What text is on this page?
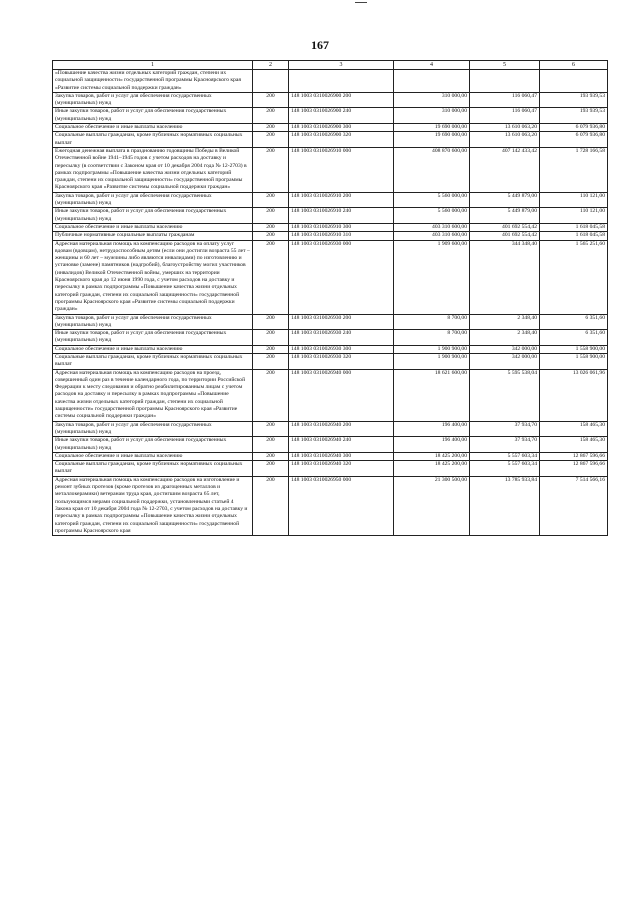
167
1	2	3	4	5	6
«Повышение качества жизни отдельных категорий граждан, степени их социальной защищенности» государственной программы Красноярского края «Развитие системы социальной поддержки граждан»					
Закупка товаров, работ и услуг для обеспечения государственных (муниципальных) нужд	200	148 1003 0310026900 200	310 000,00	116 060,47	193 939,53
Иные закупки товаров, работ и услуг для обеспечения государственных (муниципальных) нужд	200	148 1003 0310026900 240	310 000,00	116 060,47	193 939,53
Социальное обеспечение и иные выплаты населению	200	148 1003 0310026900 300	19 690 000,00	13 610 063,20	6 079 936,80
Социальные выплаты гражданам, кроме публичных нормативных социальных выплат	200	148 1003 0310026900 320	19 690 000,00	13 610 063,20	6 079 936,80
Ежегодная денежная выплата в празднованию годовщины Победы в Великой Отечественной войне 1941–1945 годов с учетом расходов на доставку и пересылку (в соответствии с Законом края от 10 декабря 2004 года № 12-2703) в рамках подпрограммы «Повышение качества жизни отдельных категорий граждан, степени их социальной защищенности» государственной программы Красноярского края «Развитие системы социальной поддержки граждан»	200	148 1003 0310026910 000	408 870 600,00	407 142 433,42	1 728 166,58
Закупка товаров, работ и услуг для обеспечения государственных (муниципальных) нужд	200	148 1003 0310026910 200	5 560 000,00	5 449 879,00	110 121,00
Иные закупки товаров, работ и услуг для обеспечения государственных (муниципальных) нужд	200	148 1003 0310026910 240	5 560 000,00	5 449 879,00	110 121,00
Социальное обеспечение и иные выплаты населению	200	148 1003 0310026910 300	403 310 600,00	401 692 554,42	1 618 045,58
Публичные нормативные социальные выплаты гражданам	200	148 1003 0310026910 310	403 310 600,00	401 692 554,42	1 618 045,58
Адресная материальная помощь на компенсацию расходов на оплату услуг вдовам (вдовцам), нетрудоспособным детям (если они достигли возраста 55 лет – женщины и 60 лет – мужчины либо являются инвалидами) по изготовлению и установке (замене) памятников (надгробий), благоустройству могил участников (инвалидов) Великой Отечественной войны, умерших на территории Красноярского края до 12 июня 1990 года, с учетом расходов на доставку и пересылку в рамках подпрограммы «Повышение качества жизни отдельных категорий граждан, степени их социальной защищенности» государственной программы Красноярского края «Развитие системы социальной поддержки граждан»	200	148 1003 0310026930 000	1 909 600,00	344 348,40	1 565 251,60
Закупка товаров, работ и услуг для обеспечения государственных (муниципальных) нужд	200	148 1003 0310026930 200	8 700,00	2 348,40	6 351,60
Иные закупки товаров, работ и услуг для обеспечения государственных (муниципальных) нужд	200	148 1003 0310026930 240	8 700,00	2 348,40	6 351,60
Социальное обеспечение и иные выплаты населению	200	148 1003 0310026930 300	1 900 900,00	342 000,00	1 558 900,00
Социальные выплаты гражданам, кроме публичных нормативных социальных выплат	200	148 1003 0310026930 320	1 900 900,00	342 000,00	1 558 900,00
Адресная материальная помощь на компенсацию расходов на проезд, совершенный один раз в течение календарного года, по территории Российской Федерации к месту следования и обратно реабилитированным лицам с учетом расходов на доставку и пересылку в рамках подпрограммы «Повышение качества жизни отдельных категорий граждан, степени их социальной защищенности» государственной программы Красноярского края «Развитие системы социальной поддержки граждан»	200	148 1003 0310026940 000	18 621 600,00	5 595 538,04	13 026 061,96
Закупка товаров, работ и услуг для обеспечения государственных (муниципальных) нужд	200	148 1003 0310026940 200	196 400,00	37 934,70	158 465,30
Иные закупки товаров, работ и услуг для обеспечения государственных (муниципальных) нужд	200	148 1003 0310026940 240	196 400,00	37 934,70	158 465,30
Социальное обеспечение и иные выплаты населению	200	148 1003 0310026940 300	18 425 200,00	5 557 603,34	12 867 596,66
Социальные выплаты гражданам, кроме публичных нормативных социальных выплат	200	148 1003 0310026940 320	18 425 200,00	5 557 603,34	12 867 596,66
Адресная материальная помощь на компенсацию расходов на изготовление и ремонт зубных протезов (кроме протезов из драгоценных металлов и металлокерамики) ветеранам труда края, достигшим возраста 65 лет, пользующимся мерами социальной поддержки, установленными статьей 4 Закона края от 10 декабря 2004 года № 12-2703, с учетом расходов на доставку и пересылку в рамках подпрограммы «Повышение качества жизни отдельных категорий граждан, степени их социальной защищенности» государственной программы Красноярского края	200	148 1003 0310026950 000	21 300 500,00	13 785 933,84	7 514 566,16
